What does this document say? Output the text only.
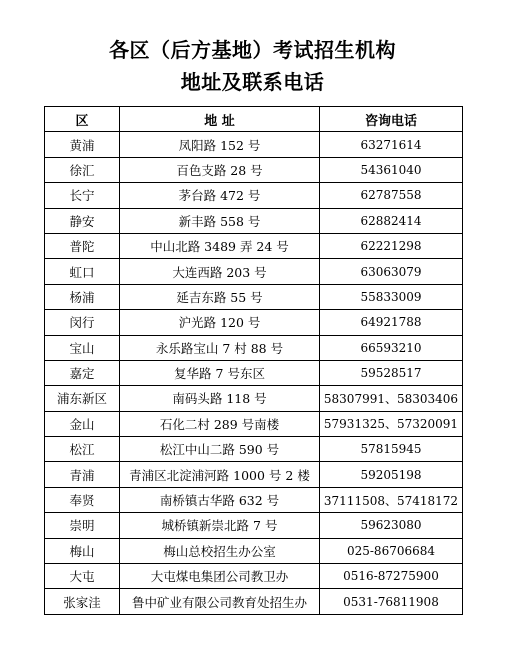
各区（后方基地）考试招生机构
地址及联系电话
区	地 址	咨询电话
黄浦	凤阳路 152 号	63271614
徐汇	百色支路 28 号	54361040
长宁	茅台路 472 号	62787558
静安	新丰路 558 号	62882414
普陀	中山北路 3489 弄 24 号	62221298
虹口	大连西路 203 号	63063079
杨浦	延吉东路 55 号	55833009
闵行	沪光路 120 号	64921788
宝山	永乐路宝山 7 村 88 号	66593210
嘉定	复华路 7 号东区	59528517
浦东新区	南码头路 118 号	58307991、58303406
金山	石化二村 289 号南楼	57931325、57320091
松江	松江中山二路 590 号	57815945
青浦	青浦区北淀浦河路 1000 号 2 楼	59205198
奉贤	南桥镇古华路 632 号	37111508、57418172
崇明	城桥镇新崇北路 7 号	59623080
梅山	梅山总校招生办公室	025-86706684
大屯	大屯煤电集团公司教卫办	0516-87275900
张家洼	鲁中矿业有限公司教育处招生办	0531-76811908
